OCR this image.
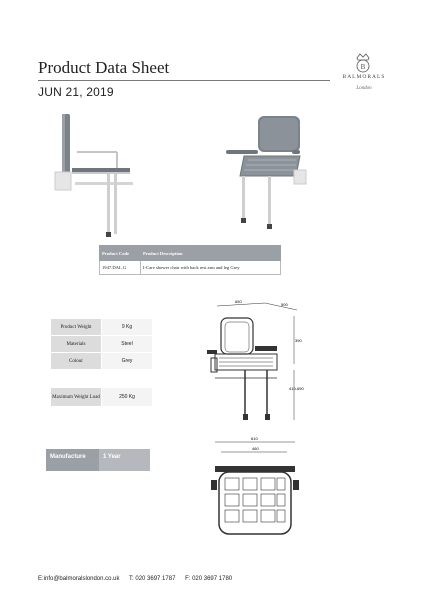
Product Data Sheet
JUN 21, 2019
B
BALMORALS
London
Product Code	Product Description
1947.DAL.G	I-Care shower chair with back rest arm and leg Grey
Product Weight	9 Kg
Materials	Steel
Colour	Grey
Maximum Weight Load	250 Kg
Manufacture	1 Year
650
500
390
410-690
610
460
E:info@balmoralslondon.co.uk T: 020 3697 1787 F: 020 3697 1780
